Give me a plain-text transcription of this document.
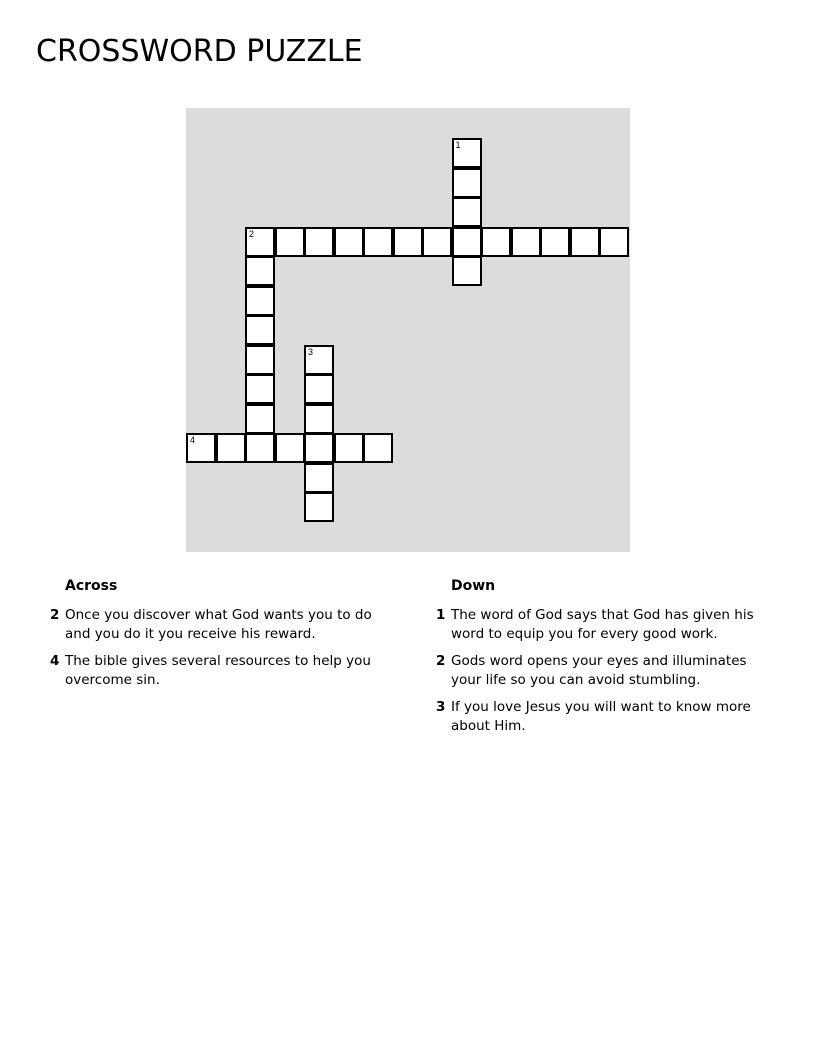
CROSSWORD PUZZLE
1
2
3
4
Across
2 Once you discover what God wants you to do and you do it you receive his reward.
4 The bible gives several resources to help you overcome sin.
Down
1 The word of God says that God has given his word to equip you for every good work.
2 Gods word opens your eyes and illuminates your life so you can avoid stumbling.
3 If you love Jesus you will want to know more about Him.
